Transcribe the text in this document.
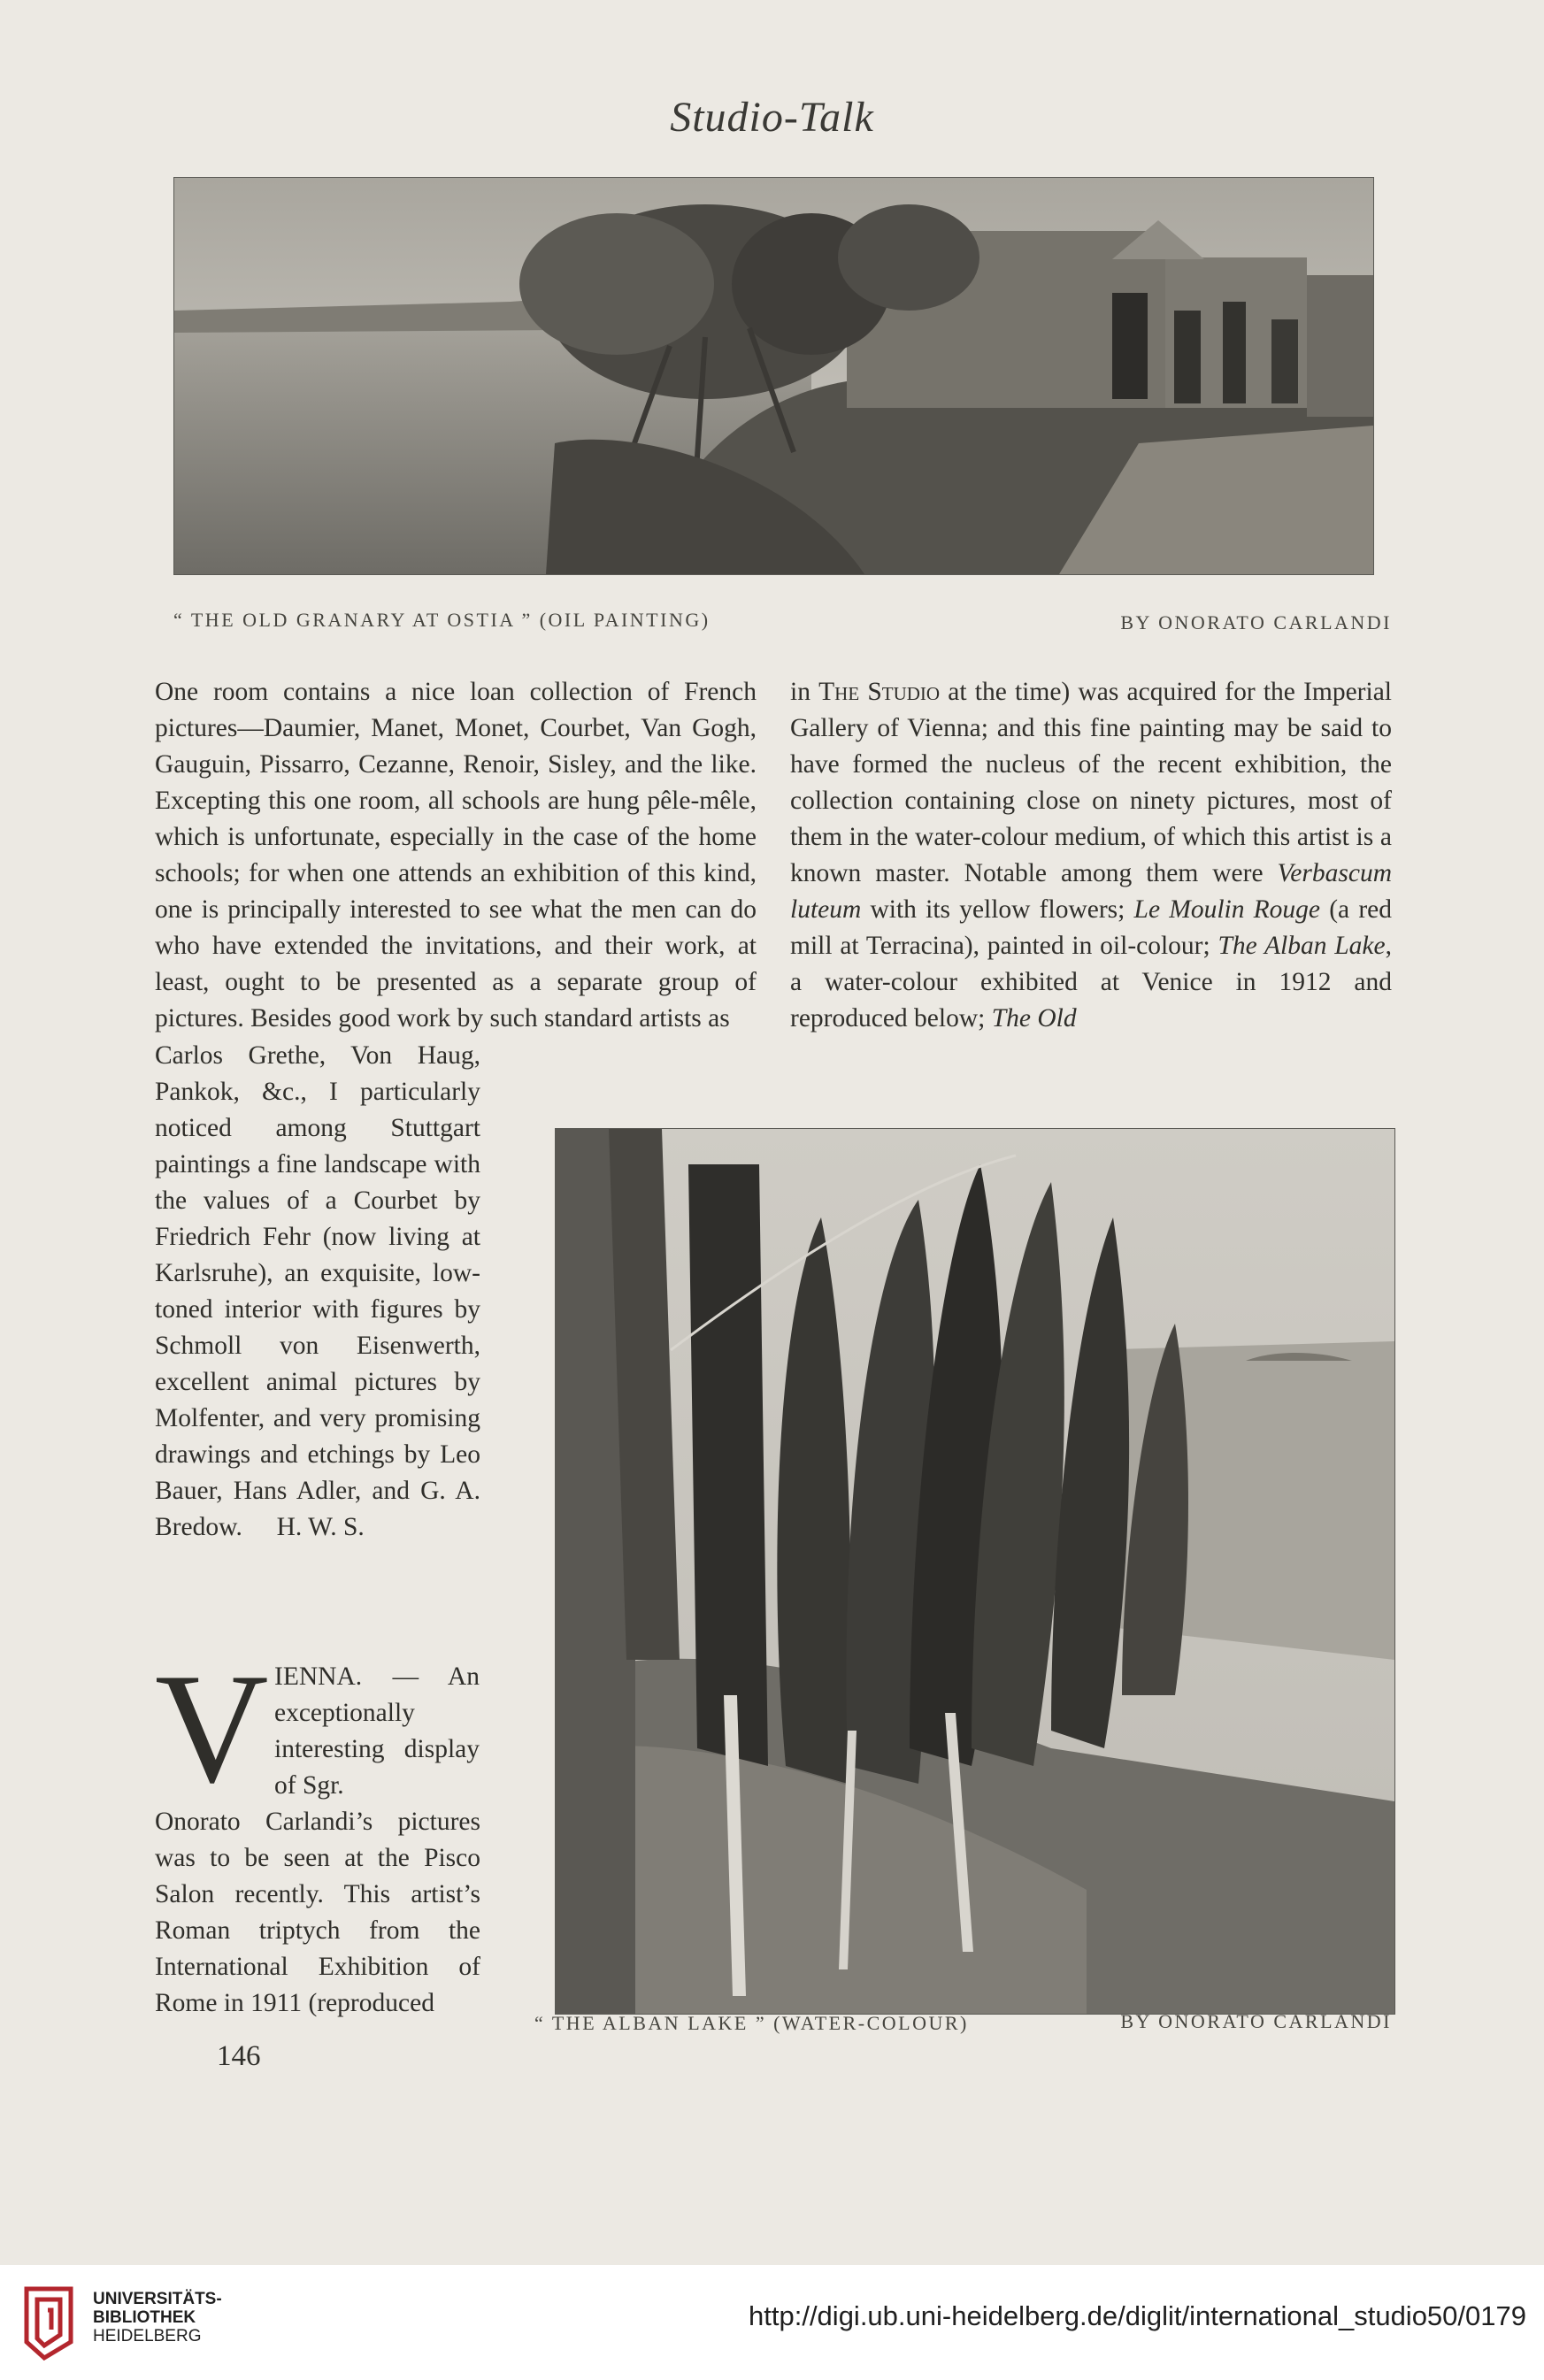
Studio-Talk
“ THE OLD GRANARY AT OSTIA ” (OIL PAINTING)	BY ONORATO CARLANDI

One room contains a nice loan collection of French pictures—Daumier, Manet, Monet, Courbet, Van Gogh, Gauguin, Pissarro, Cezanne, Renoir, Sisley, and the like. Excepting this one room, all schools are hung pêle-mêle, which is unfortunate, especially in the case of the home schools; for when one attends an exhibition of this kind, one is principally interested to see what the men can do who have extended the invitations, and their work, at least, ought to be presented as a separate group of pictures. Besides good work by such standard artists as

Carlos Grethe, Von Haug, Pankok, &c., I particularly noticed among Stuttgart paintings a fine landscape with the values of a Courbet by Friedrich Fehr (now living at Karlsruhe), an exquisite, low-toned interior with figures by Schmoll von Eisenwerth, excellent animal pictures by Molfenter, and very promising drawings and etchings by Leo Bauer, Hans Adler, and G. A. Bredow. H. W. S.

V IENNA. — An exceptionally interesting display of Sgr.

Onorato Carlandi’s pictures was to be seen at the Pisco Salon recently. This artist’s Roman triptych from the International Exhibition of Rome in 1911 (reproduced

in The Studio at the time) was acquired for the Imperial Gallery of Vienna; and this fine painting may be said to have formed the nucleus of the recent exhibition, the collection containing close on ninety pictures, most of them in the water-colour medium, of which this artist is a known master. Notable among them were Verbascum luteum with its yellow flowers; Le Moulin Rouge (a red mill at Terracina), painted in oil-colour; The Alban Lake, a water-colour exhibited at Venice in 1912 and reproduced below; The Old

“ THE ALBAN LAKE ” (WATER-COLOUR)	BY ONORATO CARLANDI
146
UNIVERSITÄTS-
BIBLIOTHEK
HEIDELBERG
http://digi.ub.uni-heidelberg.de/diglit/international_studio50/0179
